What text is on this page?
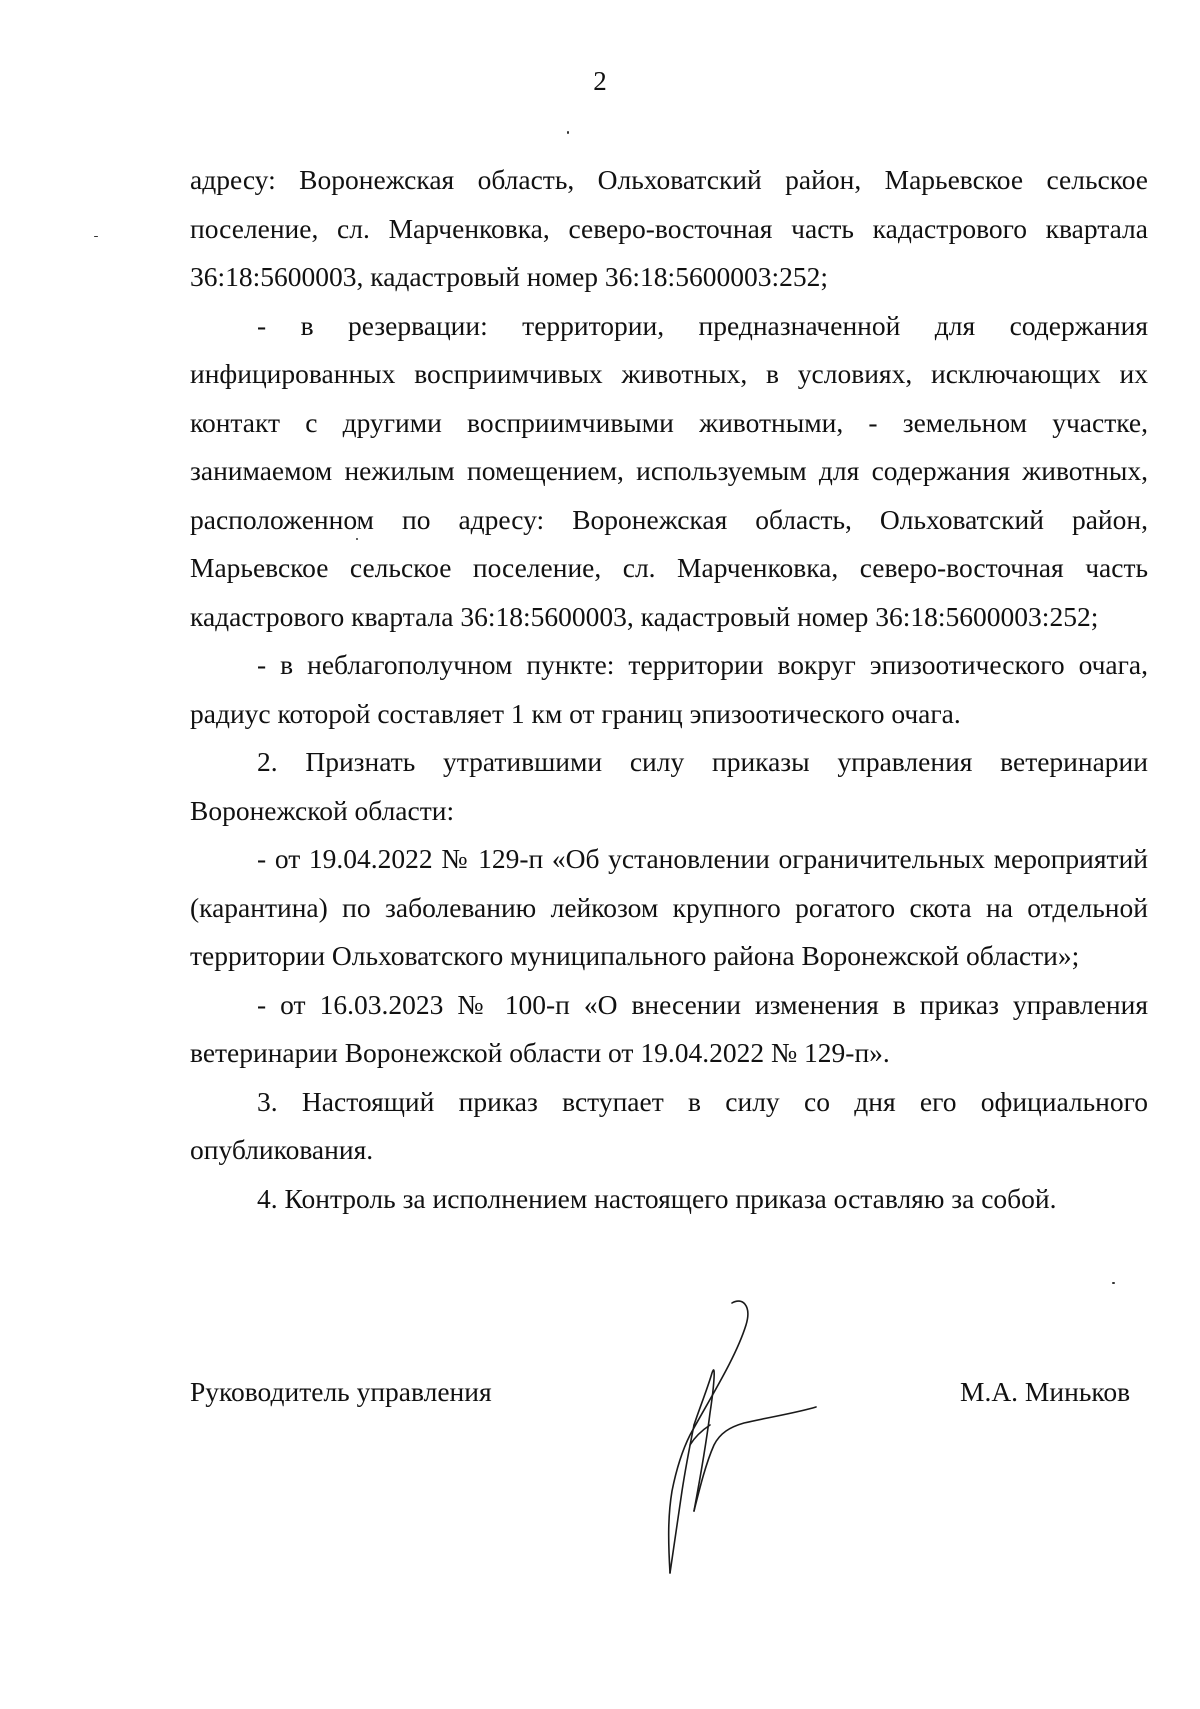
2

адресу: Воронежская область, Ольховатский район, Марьевское сельское поселение, сл. Марченковка, северо-восточная часть кадастрового квартала 36:18:5600003, кадастровый номер 36:18:5600003:252;

- в резервации: территории, предназначенной для содержания инфицированных восприимчивых животных, в условиях, исключающих их контакт с другими восприимчивыми животными, - земельном участке, занимаемом нежилым помещением, используемым для содержания животных, расположенном по адресу: Воронежская область, Ольховатский район, Марьевское сельское поселение, сл. Марченковка, северо-восточная часть кадастрового квартала 36:18:5600003, кадастровый номер 36:18:5600003:252;

- в неблагополучном пункте: территории вокруг эпизоотического очага, радиус которой составляет 1 км от границ эпизоотического очага.

2. Признать утратившими силу приказы управления ветеринарии Воронежской области:

- от 19.04.2022 № 129-п «Об установлении ограничительных мероприятий (карантина) по заболеванию лейкозом крупного рогатого скота на отдельной территории Ольховатского муниципального района Воронежской области»;

- от 16.03.2023 № 100-п «О внесении изменения в приказ управления ветеринарии Воронежской области от 19.04.2022 № 129-п».

3. Настоящий приказ вступает в силу со дня его официального опубликования.

4. Контроль за исполнением настоящего приказа оставляю за собой.

Руководитель управления	М.А. Миньков
